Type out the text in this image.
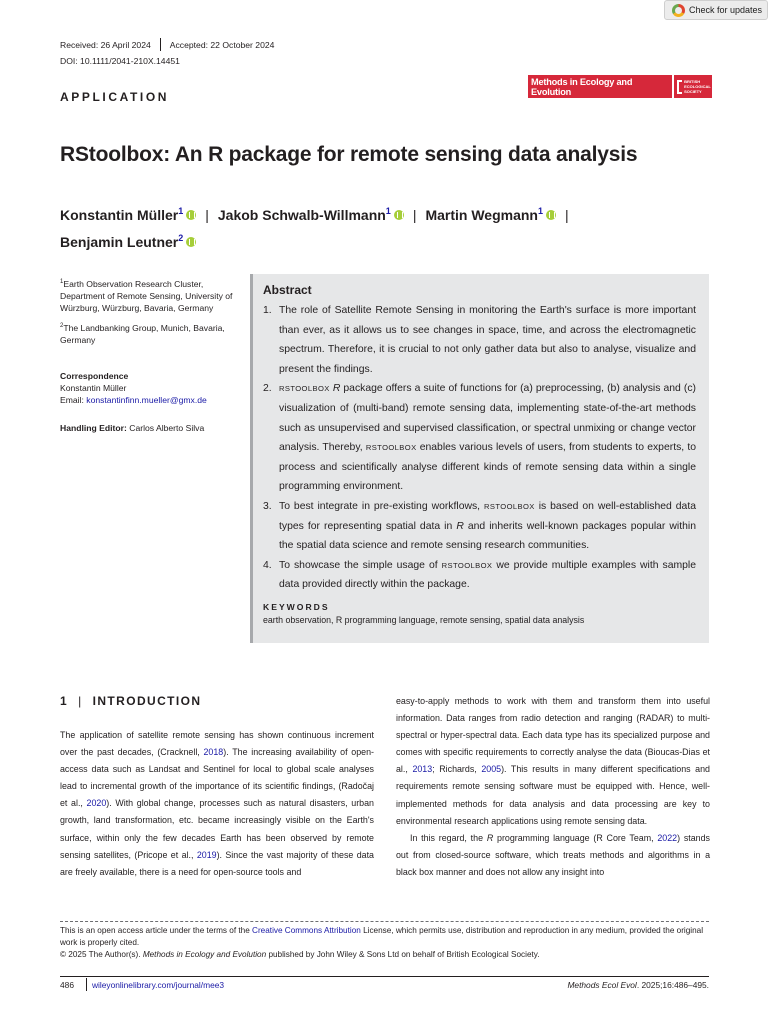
Check for updates
Received: 26 April 2024 Accepted: 22 October 2024
DOI: 10.1111/2041-210X.14451
APPLICATION
Methods in Ecology and Evolution
BRITISH ECOLOGICAL SOCIETY
RStoolbox: An R package for remote sensing data analysis
Konstantin Müller$^1$ | Jakob Schwalb-Willmann$^1$ | Martin Wegmann$^1$ |
Benjamin Leutner$^2$

$^1$Earth Observation Research Cluster, Department of Remote Sensing, University of Würzburg, Würzburg, Bavaria, Germany

$^2$The Landbanking Group, Munich, Bavaria, Germany

Correspondence
Konstantin Müller
Email: konstantinfinn.mueller@gmx.de
Handling Editor: Carlos Alberto Silva
Abstract
1. The role of Satellite Remote Sensing in monitoring the Earth's surface is more important than ever, as it allows us to see changes in space, time, and across the electromagnetic spectrum. Therefore, it is crucial to not only gather data but also to analyse, visualize and present the findings.
2. RSTOOLBOX R package offers a suite of functions for (a) preprocessing, (b) analysis and (c) visualization of (multi-band) remote sensing data, implementing state-of-the-art methods such as unsupervised and supervised classification, or spectral unmixing or change vector analysis. Thereby, RSTOOLBOX enables various levels of users, from students to experts, to process and scientifically analyse different kinds of remote sensing data within a single programming environment.
3. To best integrate in pre-existing workflows, RSTOOLBOX is based on well-established data types for representing spatial data in R and inherits well-known packages popular within the spatial data science and remote sensing research communities.
4. To showcase the simple usage of RSTOOLBOX we provide multiple examples with sample data provided directly within the package.
KEYWORDS
earth observation, R programming language, remote sensing, spatial data analysis
1 | INTRODUCTION

The application of satellite remote sensing has shown continuous increment over the past decades, (Cracknell, 2018). The increasing availability of open-access data such as Landsat and Sentinel for local to global scale analyses lead to incremental growth of the importance of its scientific findings, (Radočaj et al., 2020). With global change, processes such as natural disasters, urban growth, land transformation, etc. became increasingly visible on the Earth's surface, within only the few decades Earth has been observed by remote sensing satellites, (Pricope et al., 2019). Since the vast majority of these data are freely available, there is a need for open-source tools and

easy-to-apply methods to work with them and transform them into useful information. Data ranges from radio detection and ranging (RADAR) to multi-spectral or hyper-spectral data. Each data type has its specialized purpose and comes with specific requirements to correctly analyse the data (Bioucas-Dias et al., 2013; Richards, 2005). This results in many different specifications and requirements remote sensing software must be equipped with. Hence, well-implemented methods for data analysis and data processing are key to environmental research applications using remote sensing data.

In this regard, the R programming language (R Core Team, 2022) stands out from closed-source software, which treats methods and algorithms in a black box manner and does not allow any insight into

This is an open access article under the terms of the Creative Commons Attribution License, which permits use, distribution and reproduction in any medium, provided the original work is properly cited.
© 2025 The Author(s). Methods in Ecology and Evolution published by John Wiley & Sons Ltd on behalf of British Ecological Society.
486 wileyonlinelibrary.com/journal/mee3	Methods Ecol Evol. 2025;16:486–495.
